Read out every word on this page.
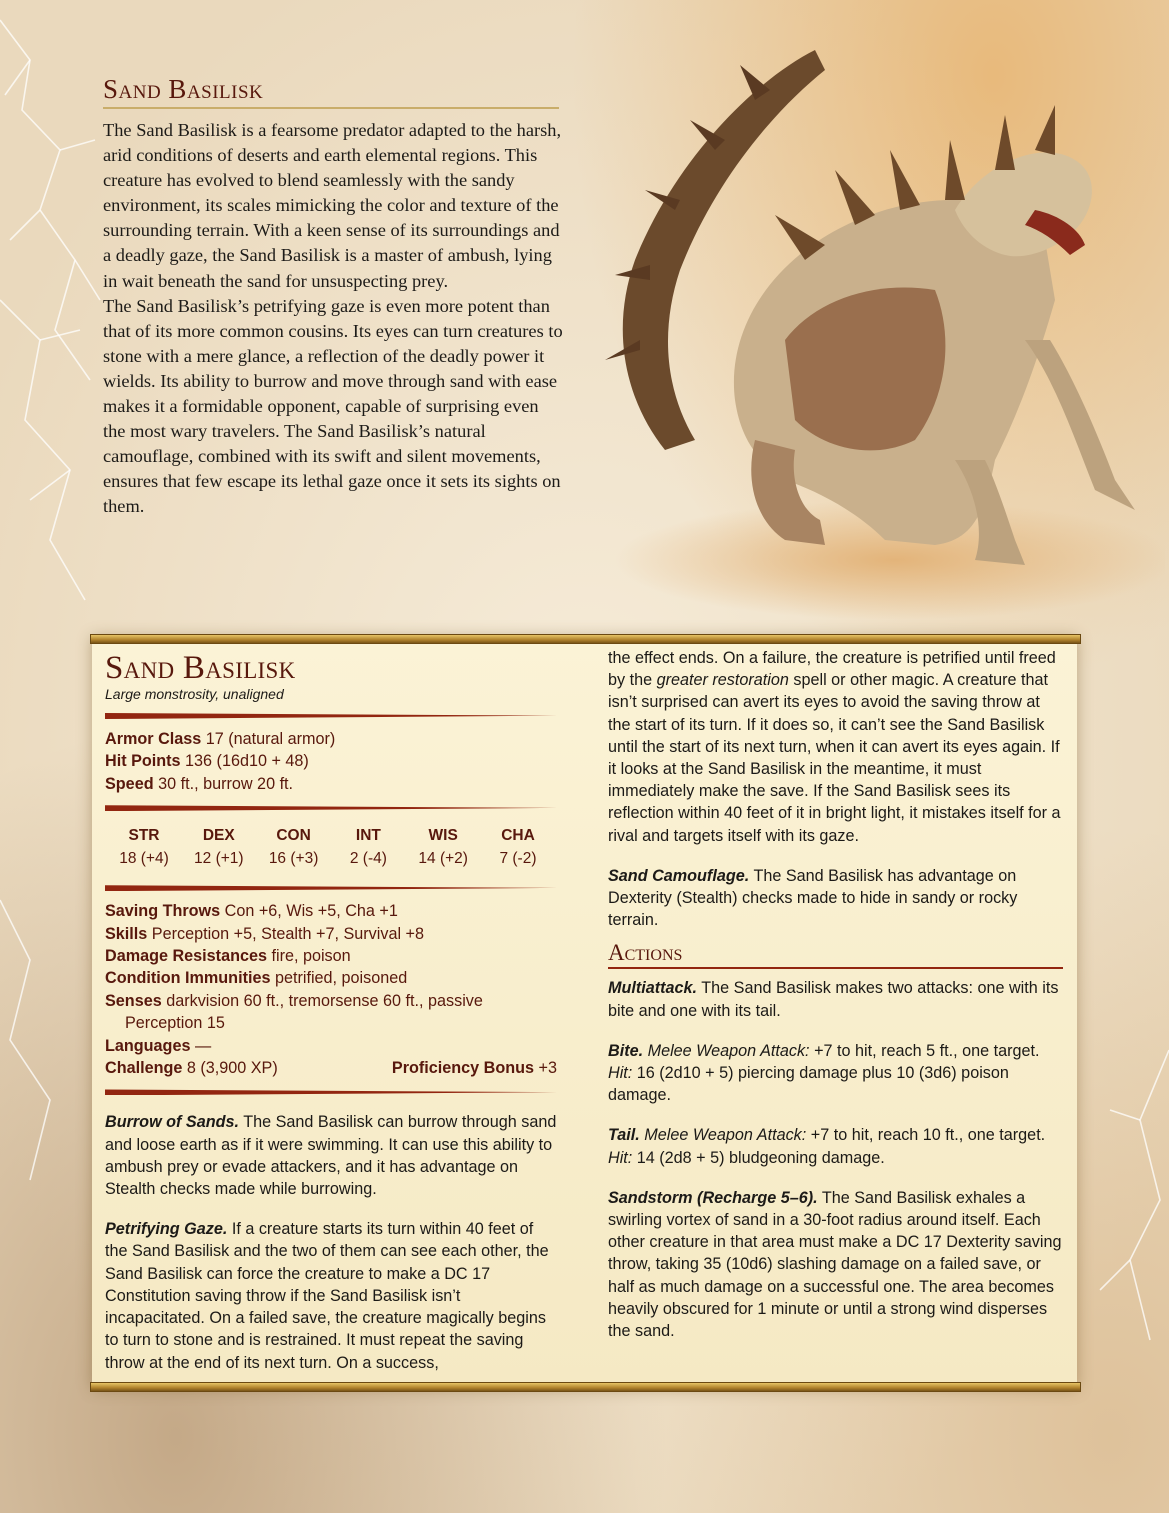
Sand Basilisk

The Sand Basilisk is a fearsome predator adapted to the harsh, arid conditions of deserts and earth elemental regions. This creature has evolved to blend seamlessly with the sandy environment, its scales mimicking the color and texture of the surrounding terrain. With a keen sense of its surroundings and a deadly gaze, the Sand Basilisk is a master of ambush, lying in wait beneath the sand for unsuspecting prey.

The Sand Basilisk’s petrifying gaze is even more potent than that of its more common cousins. Its eyes can turn creatures to stone with a mere glance, a reflection of the deadly power it wields. Its ability to burrow and move through sand with ease makes it a formidable opponent, capable of surprising even the most wary travelers. The Sand Basilisk’s natural camouflage, combined with its swift and silent movements, ensures that few escape its lethal gaze once it sets its sights on them.

Sand Basilisk
Large monstrosity, unaligned
Armor Class 17 (natural armor)
Hit Points 136 (16d10 + 48)
Speed 30 ft., burrow 20 ft.
STR
18 (+4)
DEX
12 (+1)
CON
16 (+3)
INT
2 (-4)
WIS
14 (+2)
CHA
7 (-2)
Saving Throws Con +6, Wis +5, Cha +1
Skills Perception +5, Stealth +7, Survival +8
Damage Resistances fire, poison
Condition Immunities petrified, poisoned
Senses darkvision 60 ft., tremorsense 60 ft., passive
Perception 15
Languages —
Challenge 8 (3,900 XP)	Proficiency Bonus +3

Burrow of Sands. The Sand Basilisk can burrow through sand and loose earth as if it were swimming. It can use this ability to ambush prey or evade attackers, and it has advantage on Stealth checks made while burrowing.

Petrifying Gaze. If a creature starts its turn within 40 feet of the Sand Basilisk and the two of them can see each other, the Sand Basilisk can force the creature to make a DC 17 Constitution saving throw if the Sand Basilisk isn’t incapacitated. On a failed save, the creature magically begins to turn to stone and is restrained. It must repeat the saving throw at the end of its next turn. On a success,

the effect ends. On a failure, the creature is petrified until freed by the greater restoration spell or other magic. A creature that isn’t surprised can avert its eyes to avoid the saving throw at the start of its turn. If it does so, it can’t see the Sand Basilisk until the start of its next turn, when it can avert its eyes again. If it looks at the Sand Basilisk in the meantime, it must immediately make the save. If the Sand Basilisk sees its reflection within 40 feet of it in bright light, it mistakes itself for a rival and targets itself with its gaze.

Sand Camouflage. The Sand Basilisk has advantage on Dexterity (Stealth) checks made to hide in sandy or rocky terrain.

Actions

Multiattack. The Sand Basilisk makes two attacks: one with its bite and one with its tail.

Bite. Melee Weapon Attack: +7 to hit, reach 5 ft., one target. Hit: 16 (2d10 + 5) piercing damage plus 10 (3d6) poison damage.

Tail. Melee Weapon Attack: +7 to hit, reach 10 ft., one target. Hit: 14 (2d8 + 5) bludgeoning damage.

Sandstorm (Recharge 5–6). The Sand Basilisk exhales a swirling vortex of sand in a 30-foot radius around itself. Each other creature in that area must make a DC 17 Dexterity saving throw, taking 35 (10d6) slashing damage on a failed save, or half as much damage on a successful one. The area becomes heavily obscured for 1 minute or until a strong wind disperses the sand.
